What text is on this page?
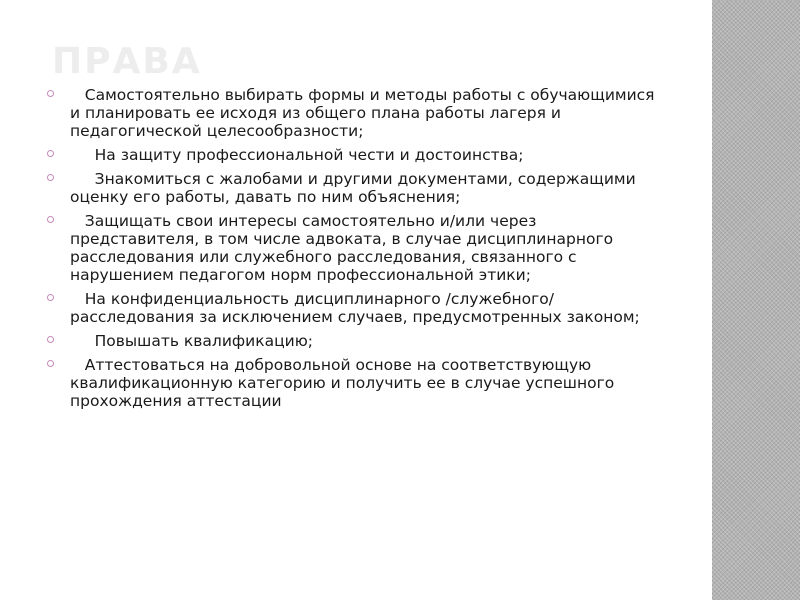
ПРАВА
Самостоятельно выбирать формы и методы работы с обучающимися и планировать ее исходя из общего плана работы лагеря и педагогической целесообразности;
На защиту профессиональной чести и достоинства;
Знакомиться с жалобами и другими документами, содержащими оценку его работы, давать по ним объяснения;
Защищать свои интересы самостоятельно и/или через представителя, в том числе адвоката, в случае дисциплинарного расследования или служебного расследования, связанного с нарушением педагогом норм профессиональной этики;
На конфиденциальность дисциплинарного /служебного/ расследования за исключением случаев, предусмотренных законом;
Повышать квалификацию;
Аттестоваться на добровольной основе на соответствующую квалификационную категорию и получить ее в случае успешного прохождения аттестации
